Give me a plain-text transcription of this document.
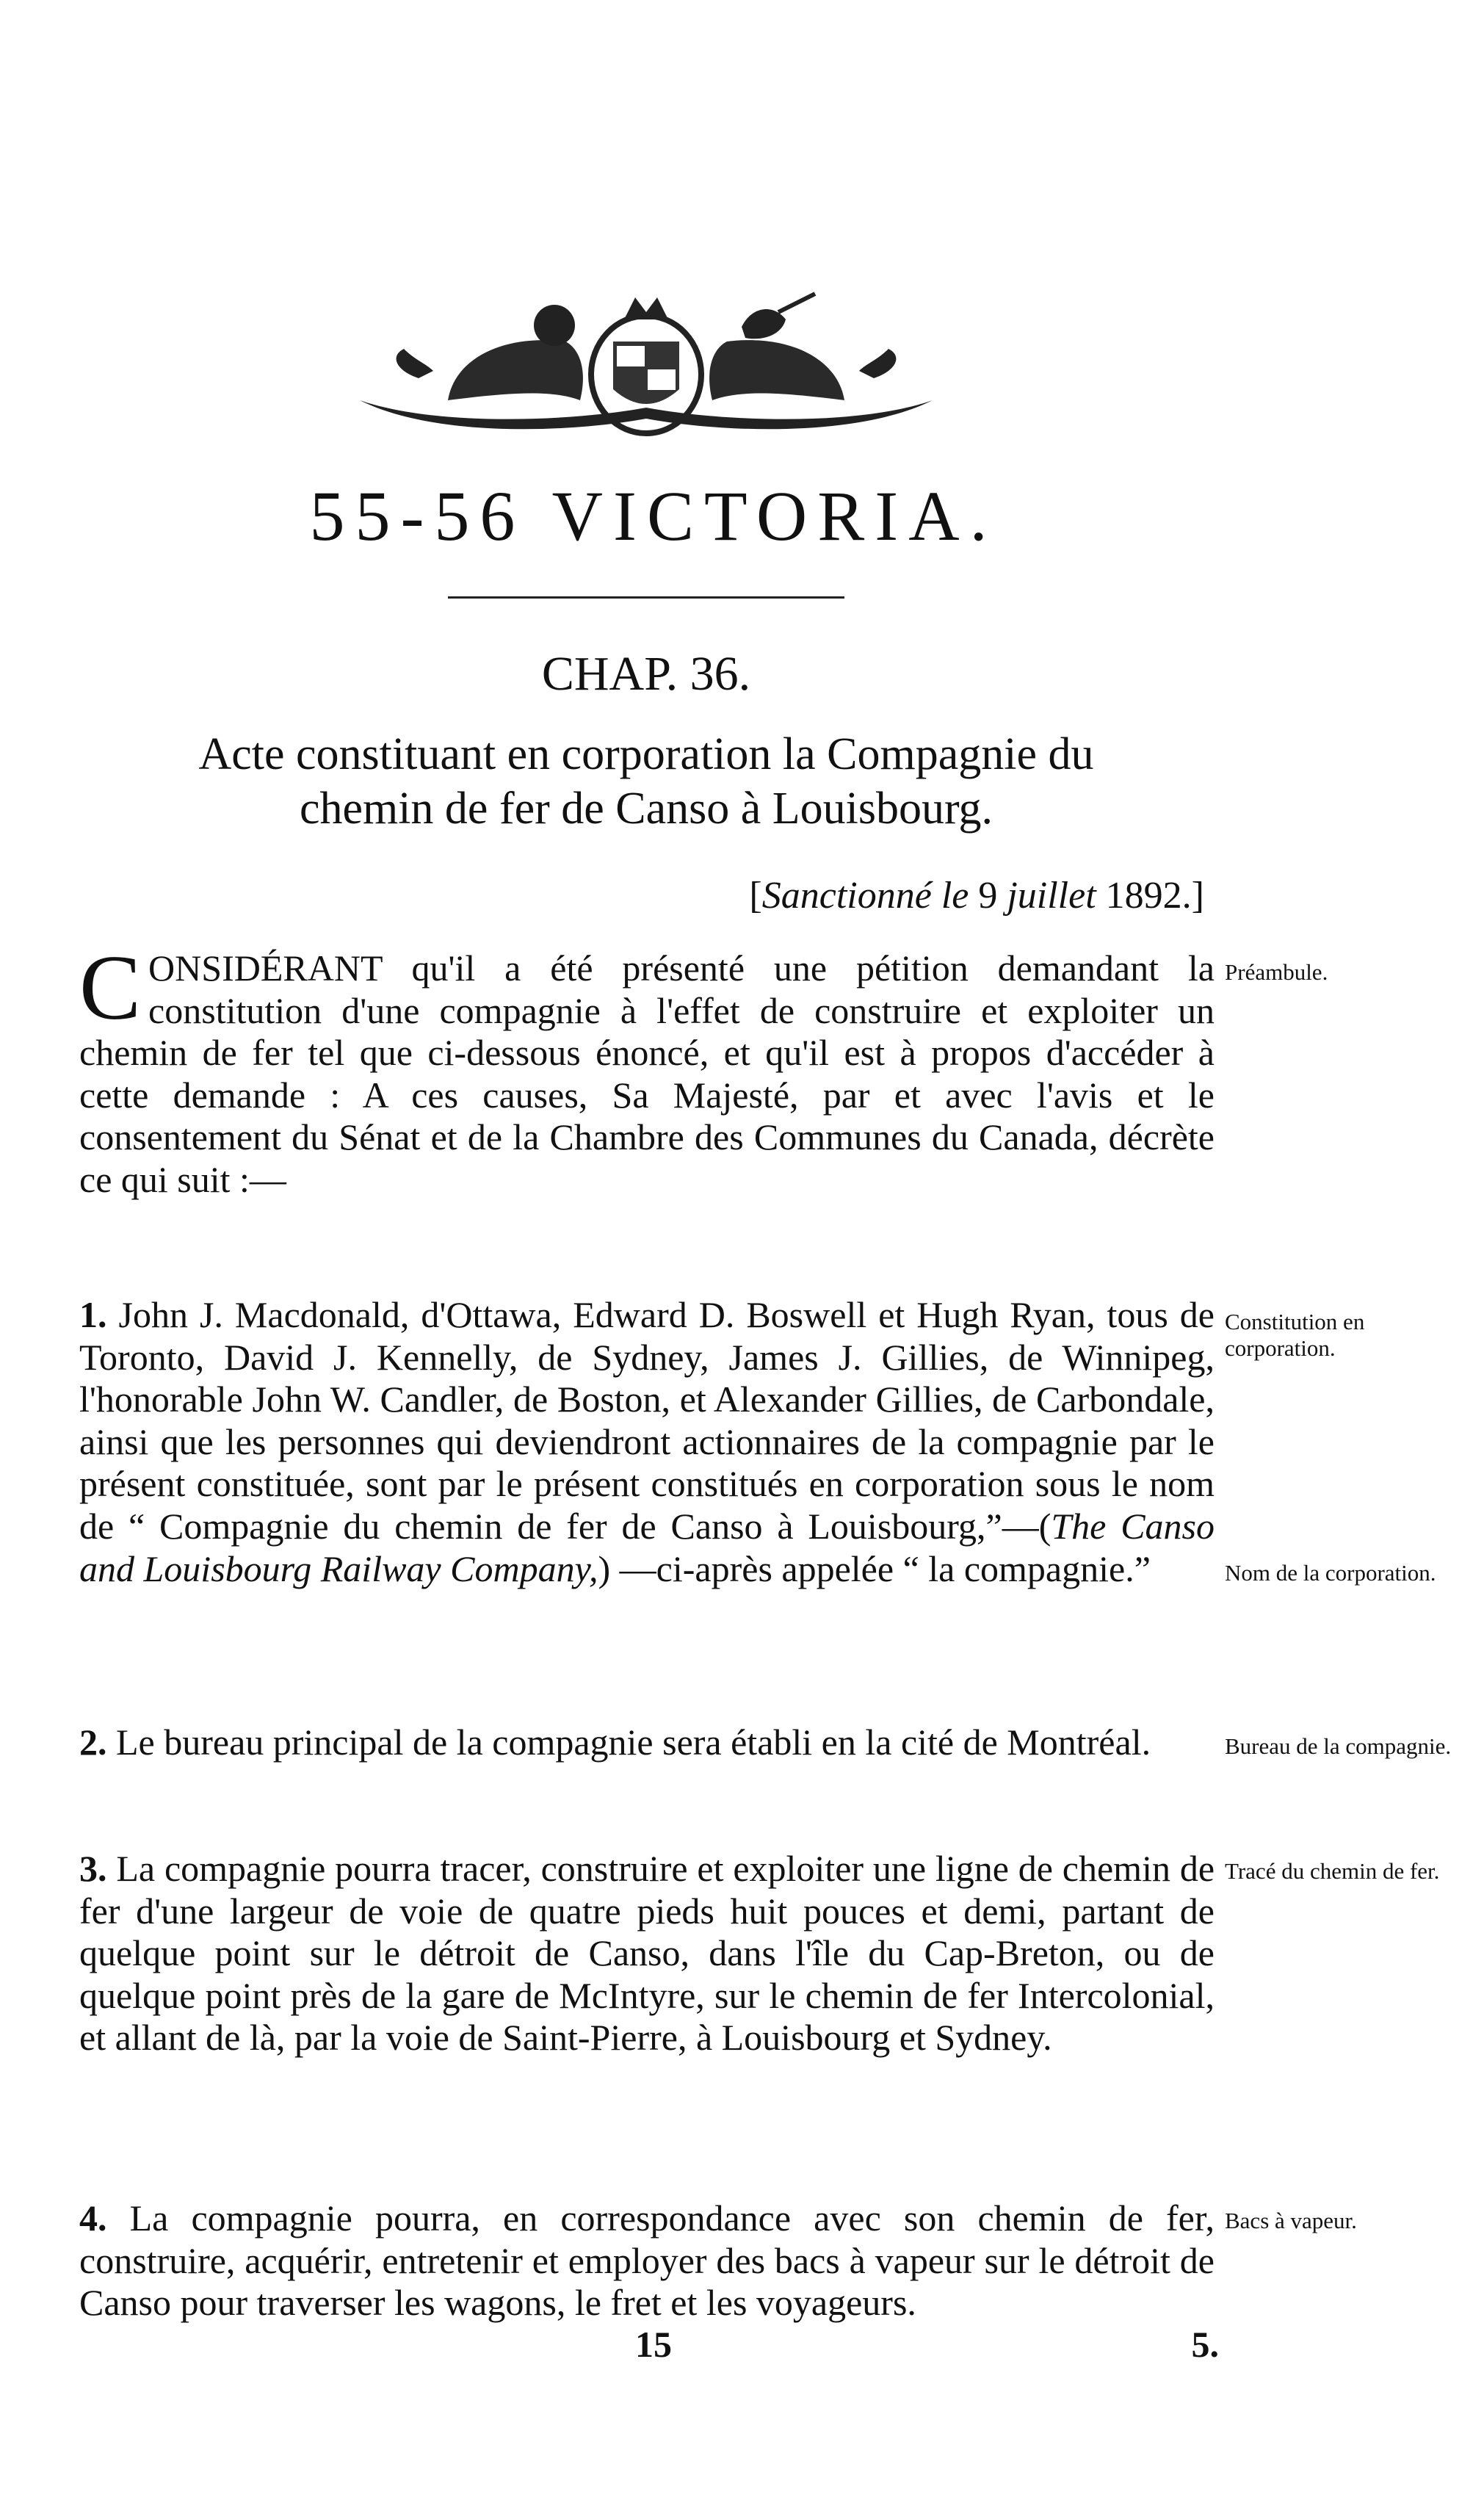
55-56 VICTORIA.
CHAP. 36.
Acte constituant en corporation la Compagnie du
chemin de fer de Canso à Louisbourg.
[Sanctionné le 9 juillet 1892.]

CONSIDÉRANT qu'il a été présenté une pétition demandant la constitution d'une compagnie à l'effet de construire et exploiter un chemin de fer tel que ci-dessous énoncé, et qu'il est à propos d'accéder à cette demande : A ces causes, Sa Majesté, par et avec l'avis et le consentement du Sénat et de la Chambre des Communes du Canada, décrète ce qui suit :—

1. John J. Macdonald, d'Ottawa, Edward D. Boswell et Hugh Ryan, tous de Toronto, David J. Kennelly, de Sydney, James J. Gillies, de Winnipeg, l'honorable John W. Candler, de Boston, et Alexander Gillies, de Carbondale, ainsi que les personnes qui deviendront actionnaires de la compagnie par le présent constituée, sont par le présent constitués en corporation sous le nom de “ Compagnie du chemin de fer de Canso à Louisbourg,”—(The Canso and Louisbourg Railway Company,) —ci-après appelée “ la compagnie.”

2. Le bureau principal de la compagnie sera établi en la cité de Montréal.

3. La compagnie pourra tracer, construire et exploiter une ligne de chemin de fer d'une largeur de voie de quatre pieds huit pouces et demi, partant de quelque point sur le détroit de Canso, dans l'île du Cap-Breton, ou de quelque point près de la gare de McIntyre, sur le chemin de fer Intercolonial, et allant de là, par la voie de Saint-Pierre, à Louisbourg et Sydney.

4. La compagnie pourra, en correspondance avec son chemin de fer, construire, acquérir, entretenir et employer des bacs à vapeur sur le détroit de Canso pour traverser les wagons, le fret et les voyageurs.

Préambule.

Constitution en corporation.

Nom de la corporation.

Bureau de la compagnie.

Tracé du chemin de fer.

Bacs à vapeur.

15	5.
